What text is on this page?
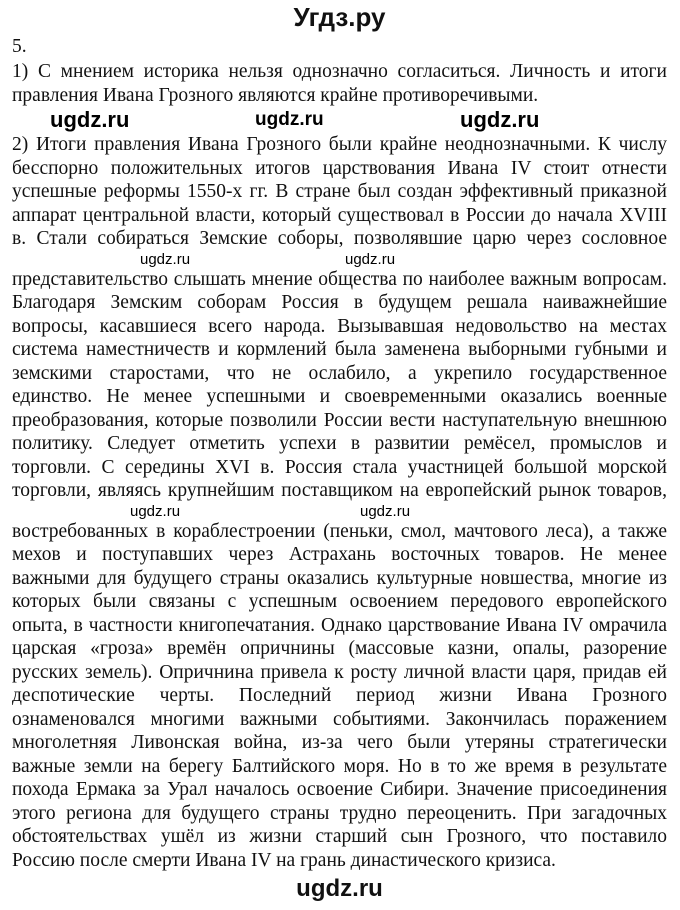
Угдз.ру
5.
1) С мнением историка нельзя однозначно согласиться. Личность и итоги
правления Ивана Грозного являются крайне противоречивыми.
ugdz.ru	ugdz.ru	ugdz.ru
2) Итоги правления Ивана Грозного были крайне неоднозначными. К числу
бесспорно положительных итогов царствования Ивана IV стоит отнести
успешные реформы 1550-х гг. В стране был создан эффективный приказной
аппарат центральной власти, который существовал в России до начала XVIII
в. Стали собираться Земские соборы, позволявшие царю через сословное
ugdz.ru	ugdz.ru
представительство слышать мнение общества по наиболее важным вопросам.
Благодаря Земским соборам Россия в будущем решала наиважнейшие
вопросы, касавшиеся всего народа. Вызывавшая недовольство на местах
система наместничеств и кормлений была заменена выборными губными и
земскими старостами, что не ослабило, а укрепило государственное
единство. Не менее успешными и своевременными оказались военные
преобразования, которые позволили России вести наступательную внешнюю
политику. Следует отметить успехи в развитии ремёсел, промыслов и
торговли. С середины XVI в. Россия стала участницей большой морской
торговли, являясь крупнейшим поставщиком на европейский рынок товаров,
ugdz.ru	ugdz.ru
востребованных в кораблестроении (пеньки, смол, мачтового леса), а также
мехов и поступавших через Астрахань восточных товаров. Не менее
важными для будущего страны оказались культурные новшества, многие из
которых были связаны с успешным освоением передового европейского
опыта, в частности книгопечатания. Однако царствование Ивана IV омрачила
царская «гроза» времён опричнины (массовые казни, опалы, разорение
русских земель). Опричнина привела к росту личной власти царя, придав ей
деспотические черты. Последний период жизни Ивана Грозного
ознаменовался многими важными событиями. Закончилась поражением
многолетняя Ливонская война, из-за чего были утеряны стратегически
важные земли на берегу Балтийского моря. Но в то же время в результате
похода Ермака за Урал началось освоение Сибири. Значение присоединения
этого региона для будущего страны трудно переоценить. При загадочных
обстоятельствах ушёл из жизни старший сын Грозного, что поставило
Россию после смерти Ивана IV на грань династического кризиса.
ugdz.ru
